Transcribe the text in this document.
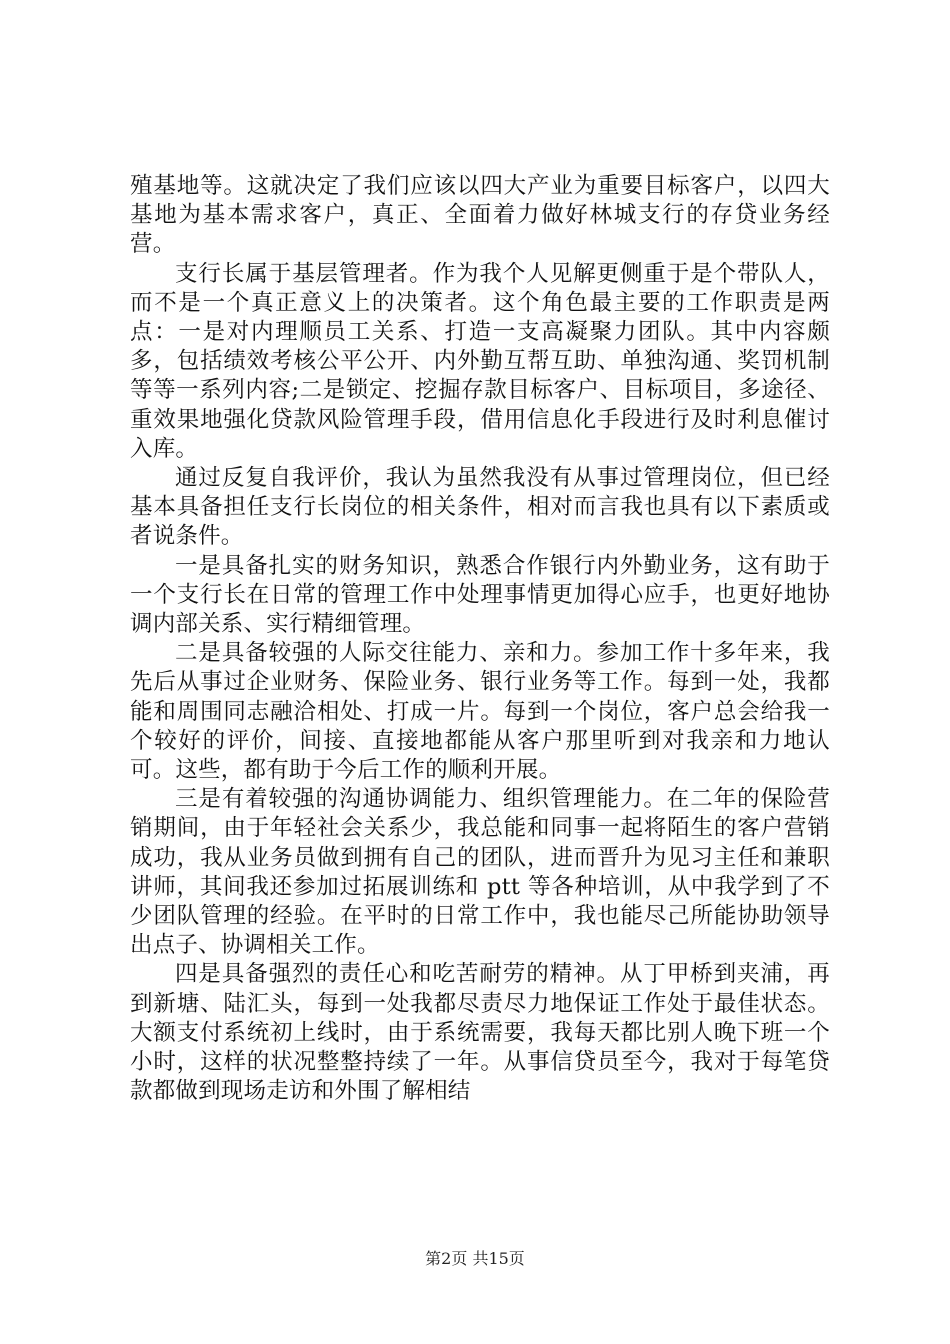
殖基地等。这就决定了我们应该以四大产业为重要目标客户，以四大基地为基本需求客户，真正、全面着力做好林城支行的存贷业务经营。

支行长属于基层管理者。作为我个人见解更侧重于是个带队人，而不是一个真正意义上的决策者。这个角色最主要的工作职责是两点：一是对内理顺员工关系、打造一支高凝聚力团队。其中内容颇多，包括绩效考核公平公开、内外勤互帮互助、单独沟通、奖罚机制等等一系列内容;二是锁定、挖掘存款目标客户、目标项目，多途径、重效果地强化贷款风险管理手段，借用信息化手段进行及时利息催讨入库。

通过反复自我评价，我认为虽然我没有从事过管理岗位，但已经基本具备担任支行长岗位的相关条件，相对而言我也具有以下素质或者说条件。

一是具备扎实的财务知识，熟悉合作银行内外勤业务，这有助于一个支行长在日常的管理工作中处理事情更加得心应手，也更好地协调内部关系、实行精细管理。

二是具备较强的人际交往能力、亲和力。参加工作十多年来，我先后从事过企业财务、保险业务、银行业务等工作。每到一处，我都能和周围同志融洽相处、打成一片。每到一个岗位，客户总会给我一个较好的评价，间接、直接地都能从客户那里听到对我亲和力地认可。这些，都有助于今后工作的顺利开展。

三是有着较强的沟通协调能力、组织管理能力。在二年的保险营销期间，由于年轻社会关系少，我总能和同事一起将陌生的客户营销成功，我从业务员做到拥有自己的团队，进而晋升为见习主任和兼职讲师，其间我还参加过拓展训练和 ptt 等各种培训，从中我学到了不少团队管理的经验。在平时的日常工作中，我也能尽己所能协助领导出点子、协调相关工作。

四是具备强烈的责任心和吃苦耐劳的精神。从丁甲桥到夹浦，再到新塘、陆汇头，每到一处我都尽责尽力地保证工作处于最佳状态。大额支付系统初上线时，由于系统需要，我每天都比别人晚下班一个小时，这样的状况整整持续了一年。从事信贷员至今，我对于每笔贷款都做到现场走访和外围了解相结

第2页 共15页
